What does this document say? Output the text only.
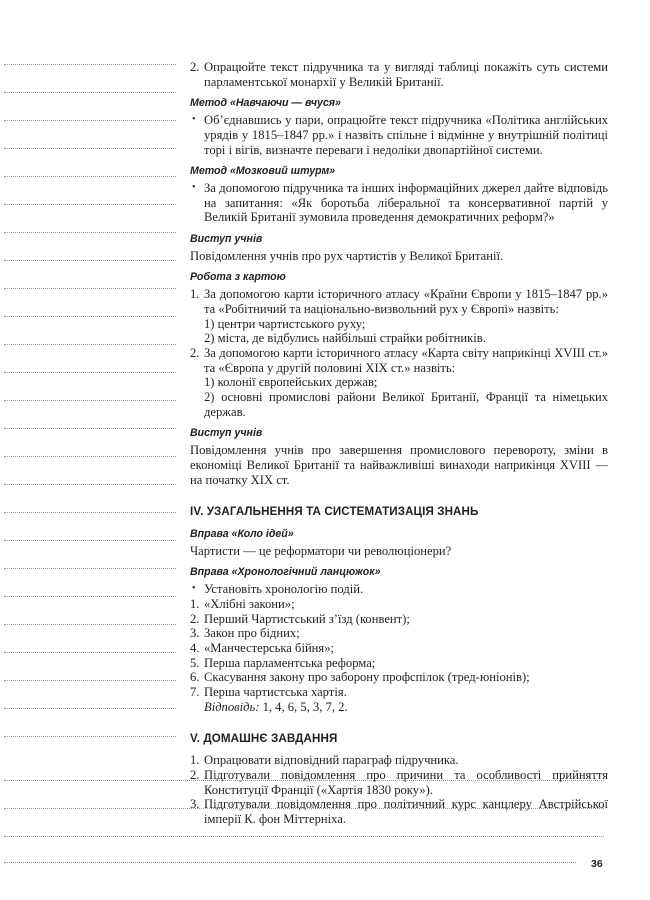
36
2. Опрацюйте текст підручника та у вигляді таблиці покажіть суть системи парламентської монархії у Великій Британії.
Метод «Навчаючи — вчуся»
• Об’єднавшись у пари, опрацюйте текст підручника «Політика англійських урядів у 1815–1847 рр.» і назвіть спільне і відмінне у внутрішній політиці торі і вігів, визначте переваги і недоліки двопартійної системи.
Метод «Мозковий штурм»
• За допомогою підручника та інших інформаційних джерел дайте відповідь на запитання: «Як боротьба ліберальної та консервативної партій у Великій Британії зумовила проведення демократичних реформ?»
Виступ учнів
Повідомлення учнів про рух чартистів у Великої Британії.
Робота з картою
1. За допомогою карти історичного атласу «Країни Європи у 1815–1847 рр.» та «Робітничий та національно-визвольний рух у Європі» назвіть:
1) центри чартистського руху;
2) міста, де відбулись найбільші страйки робітників.
2. За допомогою карти історичного атласу «Карта світу наприкінці XVIII ст.» та «Європа у другій половині XIX ст.» назвіть:
1) колонії європейських держав;
2) основні промислові райони Великої Британії, Франції та німецьких держав.
Виступ учнів
Повідомлення учнів про завершення промислового перевороту, зміни в економіці Великої Британії та найважливіші винаходи наприкінця XVIII — на початку XIX ст.
IV. УЗАГАЛЬНЕННЯ ТА СИСТЕМАТИЗАЦІЯ ЗНАНЬ
Вправа «Коло ідей»
Чартисти — це реформатори чи революціонери?
Вправа «Хронологічний ланцюжок»
• Установіть хронологію подій.
1. «Хлібні закони»;
2. Перший Чартистський з’їзд (конвент);
3. Закон про бідних;
4. «Манчестерська бійня»;
5. Перша парламентська реформа;
6. Скасування закону про заборону профспілок (тред-юніонів);
7. Перша чартистська хартія.
Відповідь: 1, 4, 6, 5, 3, 7, 2.
V. ДОМАШНЄ ЗАВДАННЯ
1. Опрацювати відповідний параграф підручника.
2. Підготували повідомлення про причини та особливості прийняття Конституції Франції («Хартія 1830 року»).
3. Підготували повідомлення про політичний курс канцлеру Австрійської імперії К. фон Міттерніха.
